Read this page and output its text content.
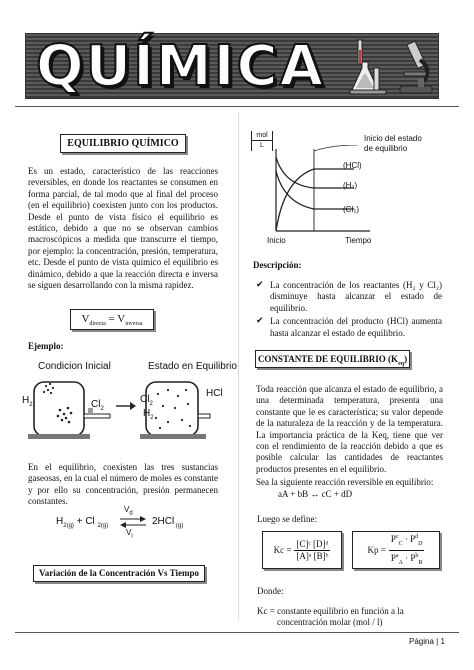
QUÍMICA
EQUILIBRIO QUÍMICO
Es un estado, característico de las reacciones reversibles, en donde los reactantes se consumen en forma parcial, de tal modo que al final del proceso (en el equilibrio) coexisten junto con los productos. Desde el punto de vista físico el equilibrio es estático, debido a que no se observan cambios macroscópicos a medida que transcurre el tiempo, por ejemplo: la concentración, presión, temperatura, etc. Desde el punto de vista químico el equilibrio es dinámico, debido a que la reacción directa e inversa se siguen desarrollando con la misma rapidez.
$V_{directa} = V_{inversa}$
Ejemplo:
Condicion Inicial	Estado en Equilibrio
$H_2$	$Cl_2$
$Cl_2$
$H_2$
HCl
En el equilibrio, coexisten las tres sustancias gaseosas, en la cual el número de moles es constante y por ello su concentración, presión permanecen constantes.
$H_{2(g)} + Cl$ $_{2(g)}$ ⇌
$V_d$
$V_i$
2HCl $_{(g)}$
Variación de la Concentración Vs Tiempo
mol
L
Inicio del estado
de equilibrio
(HCl)
(H₂)
(Cl₂)
Inicio	Tiempo
Descripción:
✔ La concentración de los reactantes (H₂ y Cl₂) disminuye hasta alcanzar el estado de equilibrio.
✔ La concentración del producto (HCl) aumenta hasta alcanzar el estado de equilibrio.
CONSTANTE DE EQUILIBRIO $(K_{eq})$
Toda reacción que alcanza el estado de equilibrio, a una determinada temperatura, presenta una constante que le es característica; su valor depende de la naturaleza de la reacción y de la temperatura. La importancia práctica de la Keq, tiene que ver con el rendimiento de la reacción debido a que es posible calcular las cantidades de reactantes productos presentes en el equilibrio.
Sea la siguiente reacción reversible en equilibrio:
aA + bB ↔ cC + dD
Luego se define:
$Kc = \frac{\text{[C]ᶜ [D]ᵈ}}{\text{[A]ᵃ [B]ᵇ}}$	$Kp = \frac{P^c_C \cdot P^d_D}{P^a_A \cdot P^b_B}$
Donde:
Kc = constante equilibrio en función a la
concentración molar (mol / l)
Página | 1
